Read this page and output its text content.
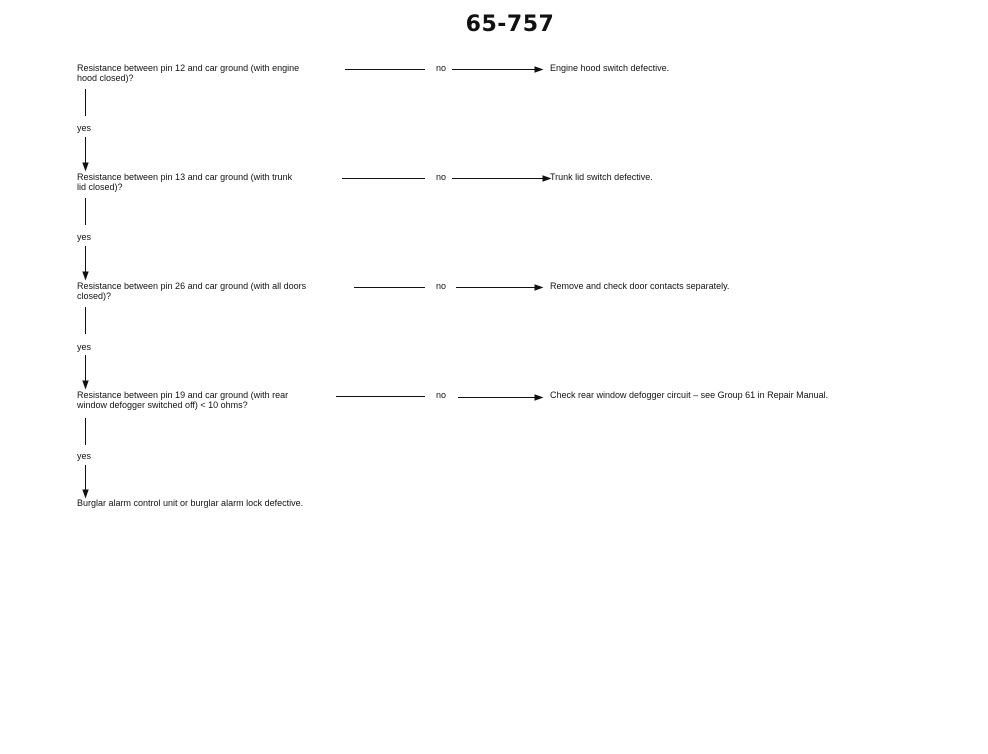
65-757
Resistance between pin 12 and car ground (with engine
hood closed)?
no	Engine hood switch defective.
yes
Resistance between pin 13 and car ground (with trunk
lid closed)?
no	Trunk lid switch defective.
yes
Resistance between pin 26 and car ground (with all doors
closed)?
no	Remove and check door contacts separately.
yes
Resistance between pin 19 and car ground (with rear
window defogger switched off) < 10 ohms?
no	Check rear window defogger circuit – see Group 61 in Repair Manual.
yes
Burglar alarm control unit or burglar alarm lock defective.
